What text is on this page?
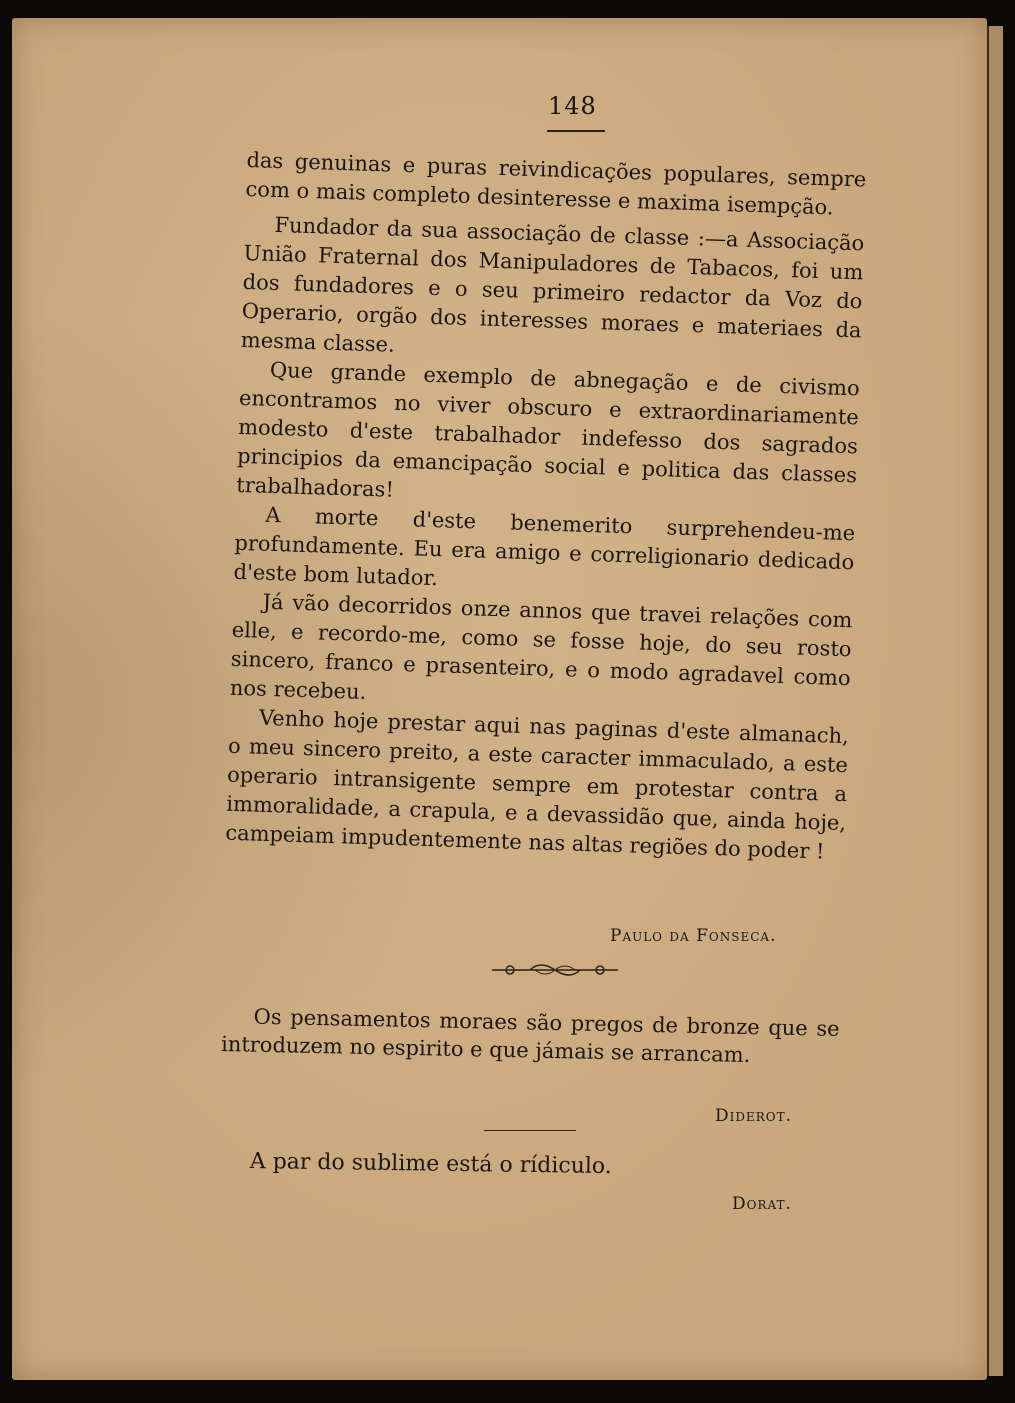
148

das genuinas e puras reivindicações populares, sempre com o mais completo desinteresse e maxima isempção.

Fundador da sua associação de classe :—a Associação União Fraternal dos Manipuladores de Tabacos, foi um dos fundadores e o seu primeiro redactor da Voz do Operario, orgão dos interesses moraes e materiaes da mesma classe.

Que grande exemplo de abnegação e de civismo encontramos no viver obscuro e extraordinariamente modesto d'este trabalhador indefesso dos sagrados principios da emancipação social e politica das classes trabalhadoras!

A morte d'este benemerito surprehendeu-me profundamente. Eu era amigo e correligionario dedicado d'este bom lutador.

Já vão decorridos onze annos que travei relações com elle, e recordo-me, como se fosse hoje, do seu rosto sincero, franco e prasenteiro, e o modo agradavel como nos recebeu.

Venho hoje prestar aqui nas paginas d'este almanach, o meu sincero preito, a este caracter immaculado, a este operario intransigente sempre em protestar contra a immoralidade, a crapula, e a devassidão que, ainda hoje, campeiam impudentemente nas altas regiões do poder !

Paulo da Fonseca.
Os pensamentos moraes são pregos de bronze que se introduzem no espirito e que jámais se arrancam.
Diderot.
A par do sublime está o rídiculo.
Dorat.
